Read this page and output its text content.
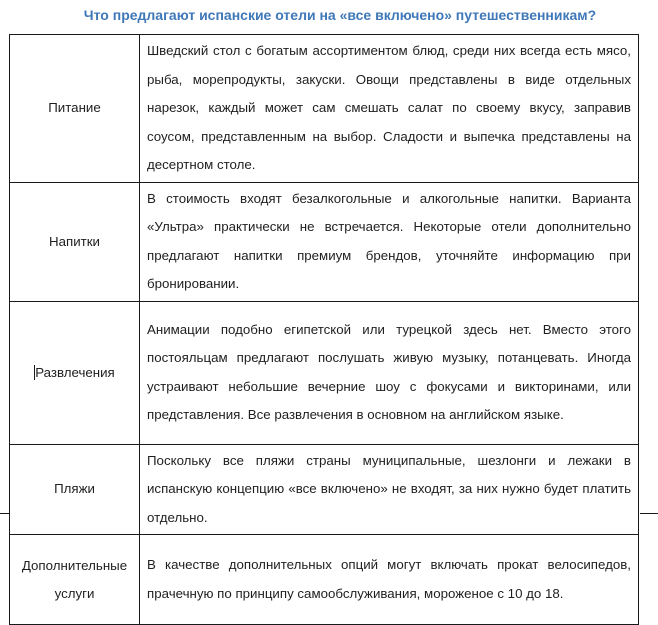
Что предлагают испанские отели на «все включено» путешественникам?
Питание	Шведский стол с богатым ассортиментом блюд, среди них всегда есть мясо, рыба, морепродукты, закуски. Овощи представлены в виде отдельных нарезок, каждый может сам смешать салат по своему вкусу, заправив соусом, представленным на выбор. Сладости и выпечка представлены на десертном столе.
Напитки	В стоимость входят безалкогольные и алкогольные напитки. Варианта «Ультра» практически не встречается. Некоторые отели дополнительно предлагают напитки премиум брендов, уточняйте информацию при бронировании.
Развлечения	Анимации подобно египетской или турецкой здесь нет. Вместо этого постояльцам предлагают послушать живую музыку, потанцевать. Иногда устраивают небольшие вечерние шоу с фокусами и викторинами, или представления. Все развлечения в основном на английском языке.
Пляжи	Поскольку все пляжи страны муниципальные, шезлонги и лежаки в испанскую концепцию «все включено» не входят, за них нужно будет платить отдельно.
Дополнительные услуги	В качестве дополнительных опций могут включать прокат велосипедов, прачечную по принципу самообслуживания, мороженое с 10 до 18.
